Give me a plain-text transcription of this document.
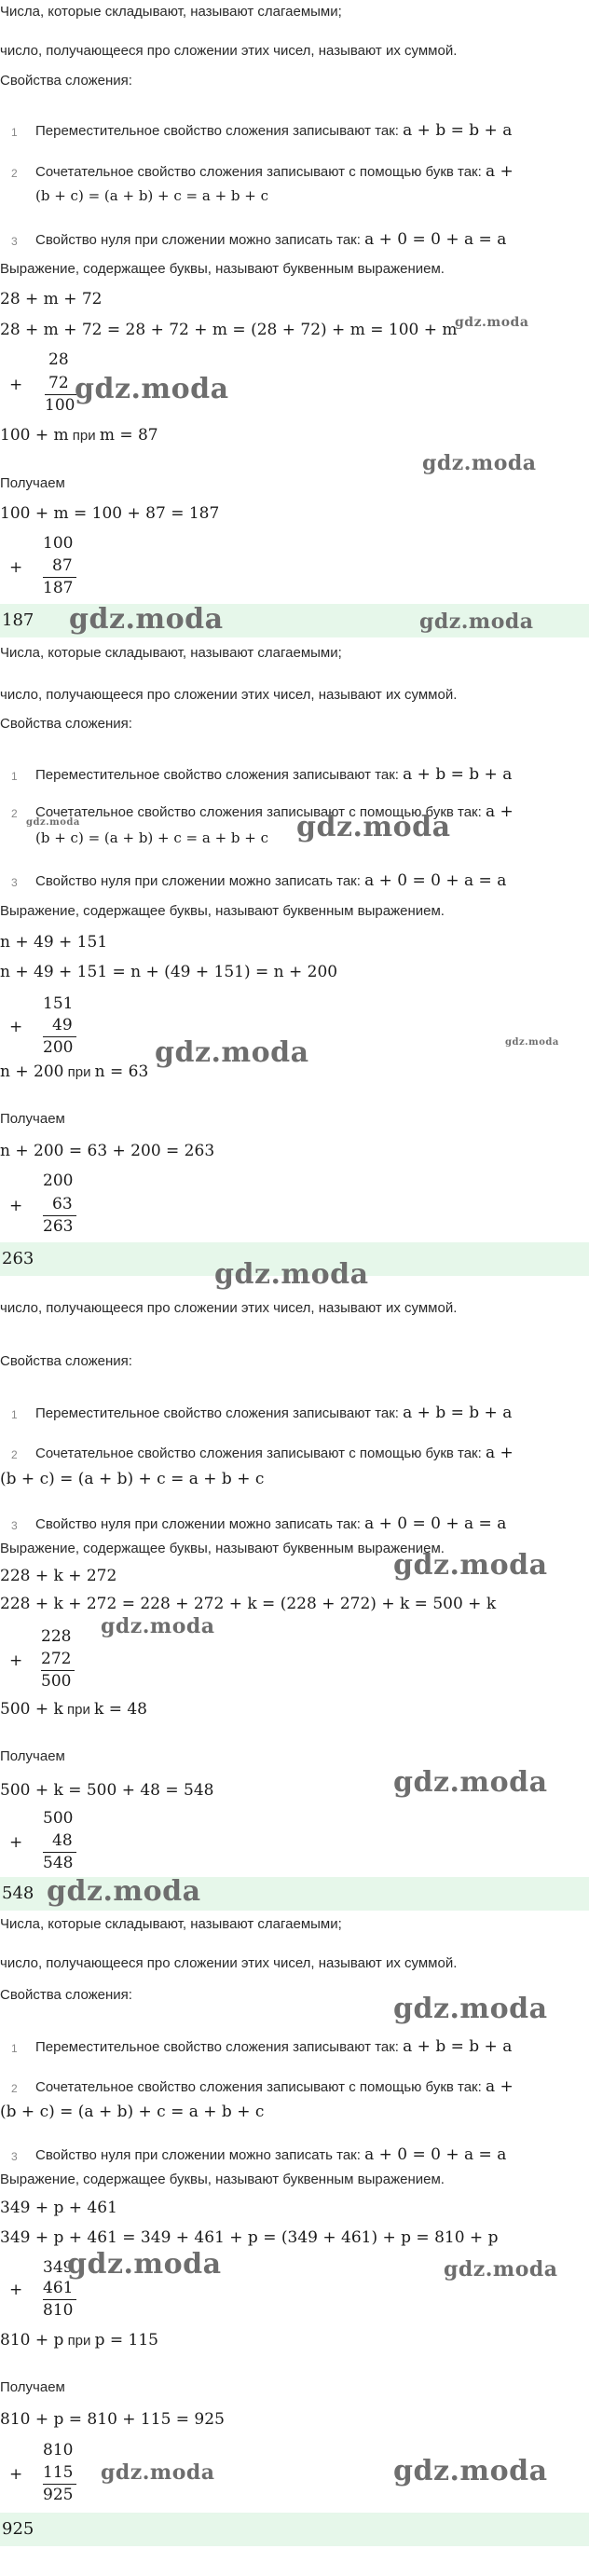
Числа, которые складывают, называют слагаемыми;
число, получающееся про сложении этих чисел, называют их суммой.
Свойства сложения:
1 Переместительное свойство сложения записывают так: a + b = b + a
2 Сочетательное свойство сложения записывают с помощью букв так: a +
(b + c) = (a + b) + c = a + b + c
3 Свойство нуля при сложении можно записать так: a + 0 = 0 + a = a
Выражение, содержащее буквы, называют буквенным выражением.
28 + m + 72
28 + m + 72 = 28 + 72 + m = (28 + 72) + m = 100 + m
28
+ 72
100
100 + m при m = 87
Получаем
100 + m = 100 + 87 = 187
100
+ 87
187
187
gdz.moda
gdz.moda
gdz.moda
gdz.moda	gdz.moda
Числа, которые складывают, называют слагаемыми;
число, получающееся про сложении этих чисел, называют их суммой.
Свойства сложения:
1 Переместительное свойство сложения записывают так: a + b = b + a
2 Сочетательное свойство сложения записывают с помощью букв так: a +
(b + c) = (a + b) + c = a + b + c
3 Свойство нуля при сложении можно записать так: a + 0 = 0 + a = a
Выражение, содержащее буквы, называют буквенным выражением.
n + 49 + 151
n + 49 + 151 = n + (49 + 151) = n + 200
151
+ 49
200
n + 200 при n = 63
Получаем
n + 200 = 63 + 200 = 263
200
+ 63
263
263
gdz.moda	gdz.moda
gdz.moda	gdz.moda
gdz.moda
число, получающееся про сложении этих чисел, называют их суммой.
Свойства сложения:
1 Переместительное свойство сложения записывают так: a + b = b + a
2 Сочетательное свойство сложения записывают с помощью букв так: a +
(b + c) = (a + b) + c = a + b + c
3 Свойство нуля при сложении можно записать так: a + 0 = 0 + a = a
Выражение, содержащее буквы, называют буквенным выражением.
228 + k + 272
228 + k + 272 = 228 + 272 + k = (228 + 272) + k = 500 + k
228
+ 272
500
500 + k при k = 48
Получаем
500 + k = 500 + 48 = 548
500
+ 48
548
548
gdz.moda
gdz.moda
gdz.moda
gdz.moda
Числа, которые складывают, называют слагаемыми;
число, получающееся про сложении этих чисел, называют их суммой.
Свойства сложения:
1 Переместительное свойство сложения записывают так: a + b = b + a
2 Сочетательное свойство сложения записывают с помощью букв так: a +
(b + c) = (a + b) + c = a + b + c
3 Свойство нуля при сложении можно записать так: a + 0 = 0 + a = a
Выражение, содержащее буквы, называют буквенным выражением.
349 + p + 461
349 + p + 461 = 349 + 461 + p = (349 + 461) + p = 810 + p
349
+ 461
810
810 + p при p = 115
Получаем
810 + p = 810 + 115 = 925
810
+ 115
925
925
gdz.moda
gdz.moda	gdz.moda
gdz.moda	gdz.moda
